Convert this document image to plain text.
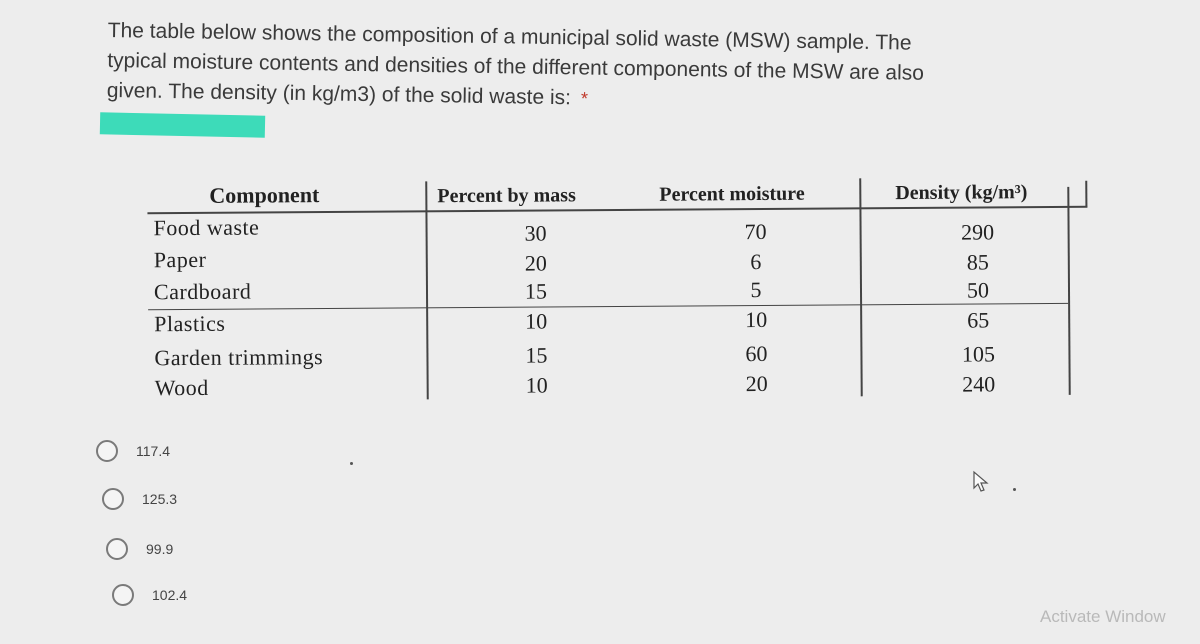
The table below shows the composition of a municipal solid waste (MSW) sample. The
typical moisture contents and densities of the different components of the MSW are also
given. The density (in kg/m3) of the solid waste is: *
Component	Percent by mass	Percent moisture	Density (kg/m³)
Food waste	30	70	290
Paper	20	6	85
Cardboard	15	5	50
Plastics	10	10	65
Garden trimmings	15	60	105
Wood	10	20	240
117.4
125.3
99.9
102.4
Activate Window
